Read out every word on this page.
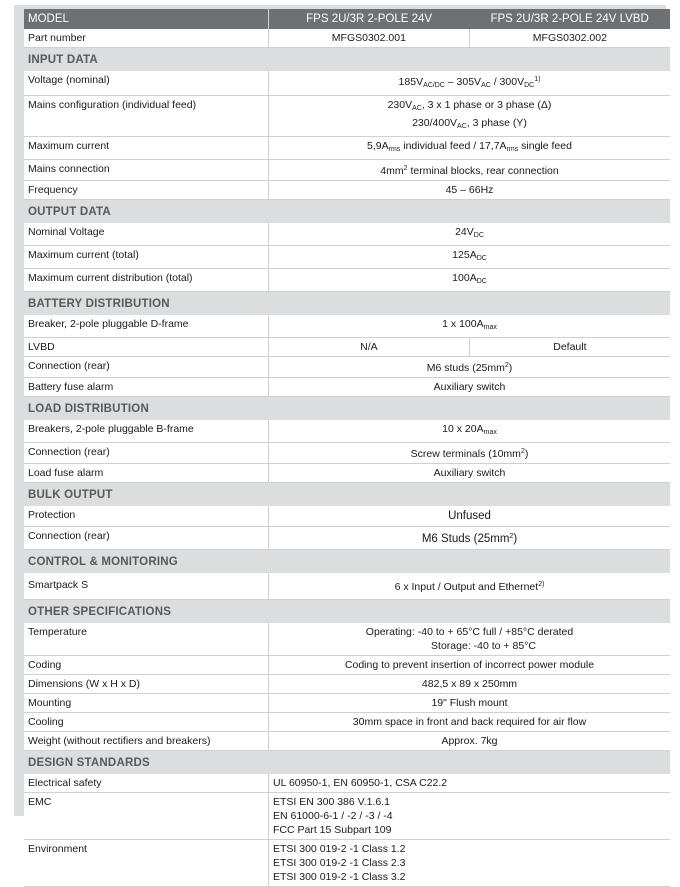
MODEL	FPS 2U/3R 2-POLE 24V	FPS 2U/3R 2-POLE 24V LVBD
Part number	MFGS0302.001	MFGS0302.002
INPUT DATA		
Voltage (nominal)	$185V_{AC/DC} - 305V_{AC} / 300V_{DC}^{1)}$
Mains configuration (individual feed)	$230V_{AC}$, 3 x 1 phase or 3 phase (Δ)
$230/400V_{AC}$, 3 phase (Y)	

Maximum current	$5,9A_{rms}$ individual feed / $17,7A_{rms}$ single feed	
Mains connection	$4mm^2$ terminal blocks, rear connection	
Frequency	45 – 66Hz	
OUTPUT DATA		
Nominal Voltage	$24V_{DC}$
Maximum current (total)	$125A_{DC}$
Maximum current distribution (total)	$100A_{DC}$
BATTERY DISTRIBUTION		
Breaker, 2-pole pluggable D-frame	1 x $100A_{max}$
LVBD	N/A	Default
Connection (rear)	M6 studs $(25mm^2)$	
Battery fuse alarm	Auxiliary switch	
LOAD DISTRIBUTION		
Breakers, 2-pole pluggable B-frame	10 x $20A_{max}$
Connection (rear)	Screw terminals $(10mm^2)$	
Load fuse alarm	Auxiliary switch	
BULK OUTPUT		
Protection	Unfused	
Connection (rear)	M6 Studs $(25mm^2)$	
CONTROL & MONITORING		
Smartpack S	6 x Input / Output and Ethernet$^{2)}$
OTHER SPECIFICATIONS		
Temperature	Operating: -40 to + 65°C full / +85°C derated
Storage: -40 to + 85°C	

Coding	Coding to prevent insertion of incorrect power module	
Dimensions (W x H x D)	482,5 x 89 x 250mm	
Mounting	19" Flush mount	
Cooling	30mm space in front and back required for air flow	
Weight (without rectifiers and breakers)	Approx. 7kg	
DESIGN STANDARDS		
Electrical safety	UL 60950-1, EN 60950-1, CSA C22.2	
EMC	ETSI EN 300 386 V.1.6.1
EN 61000-6-1 / -2 / -3 / -4
FCC Part 15 Subpart 109	

Environment	ETSI 300 019-2 -1 Class 1.2
ETSI 300 019-2 -1 Class 2.3
ETSI 300 019-2 -1 Class 3.2	
